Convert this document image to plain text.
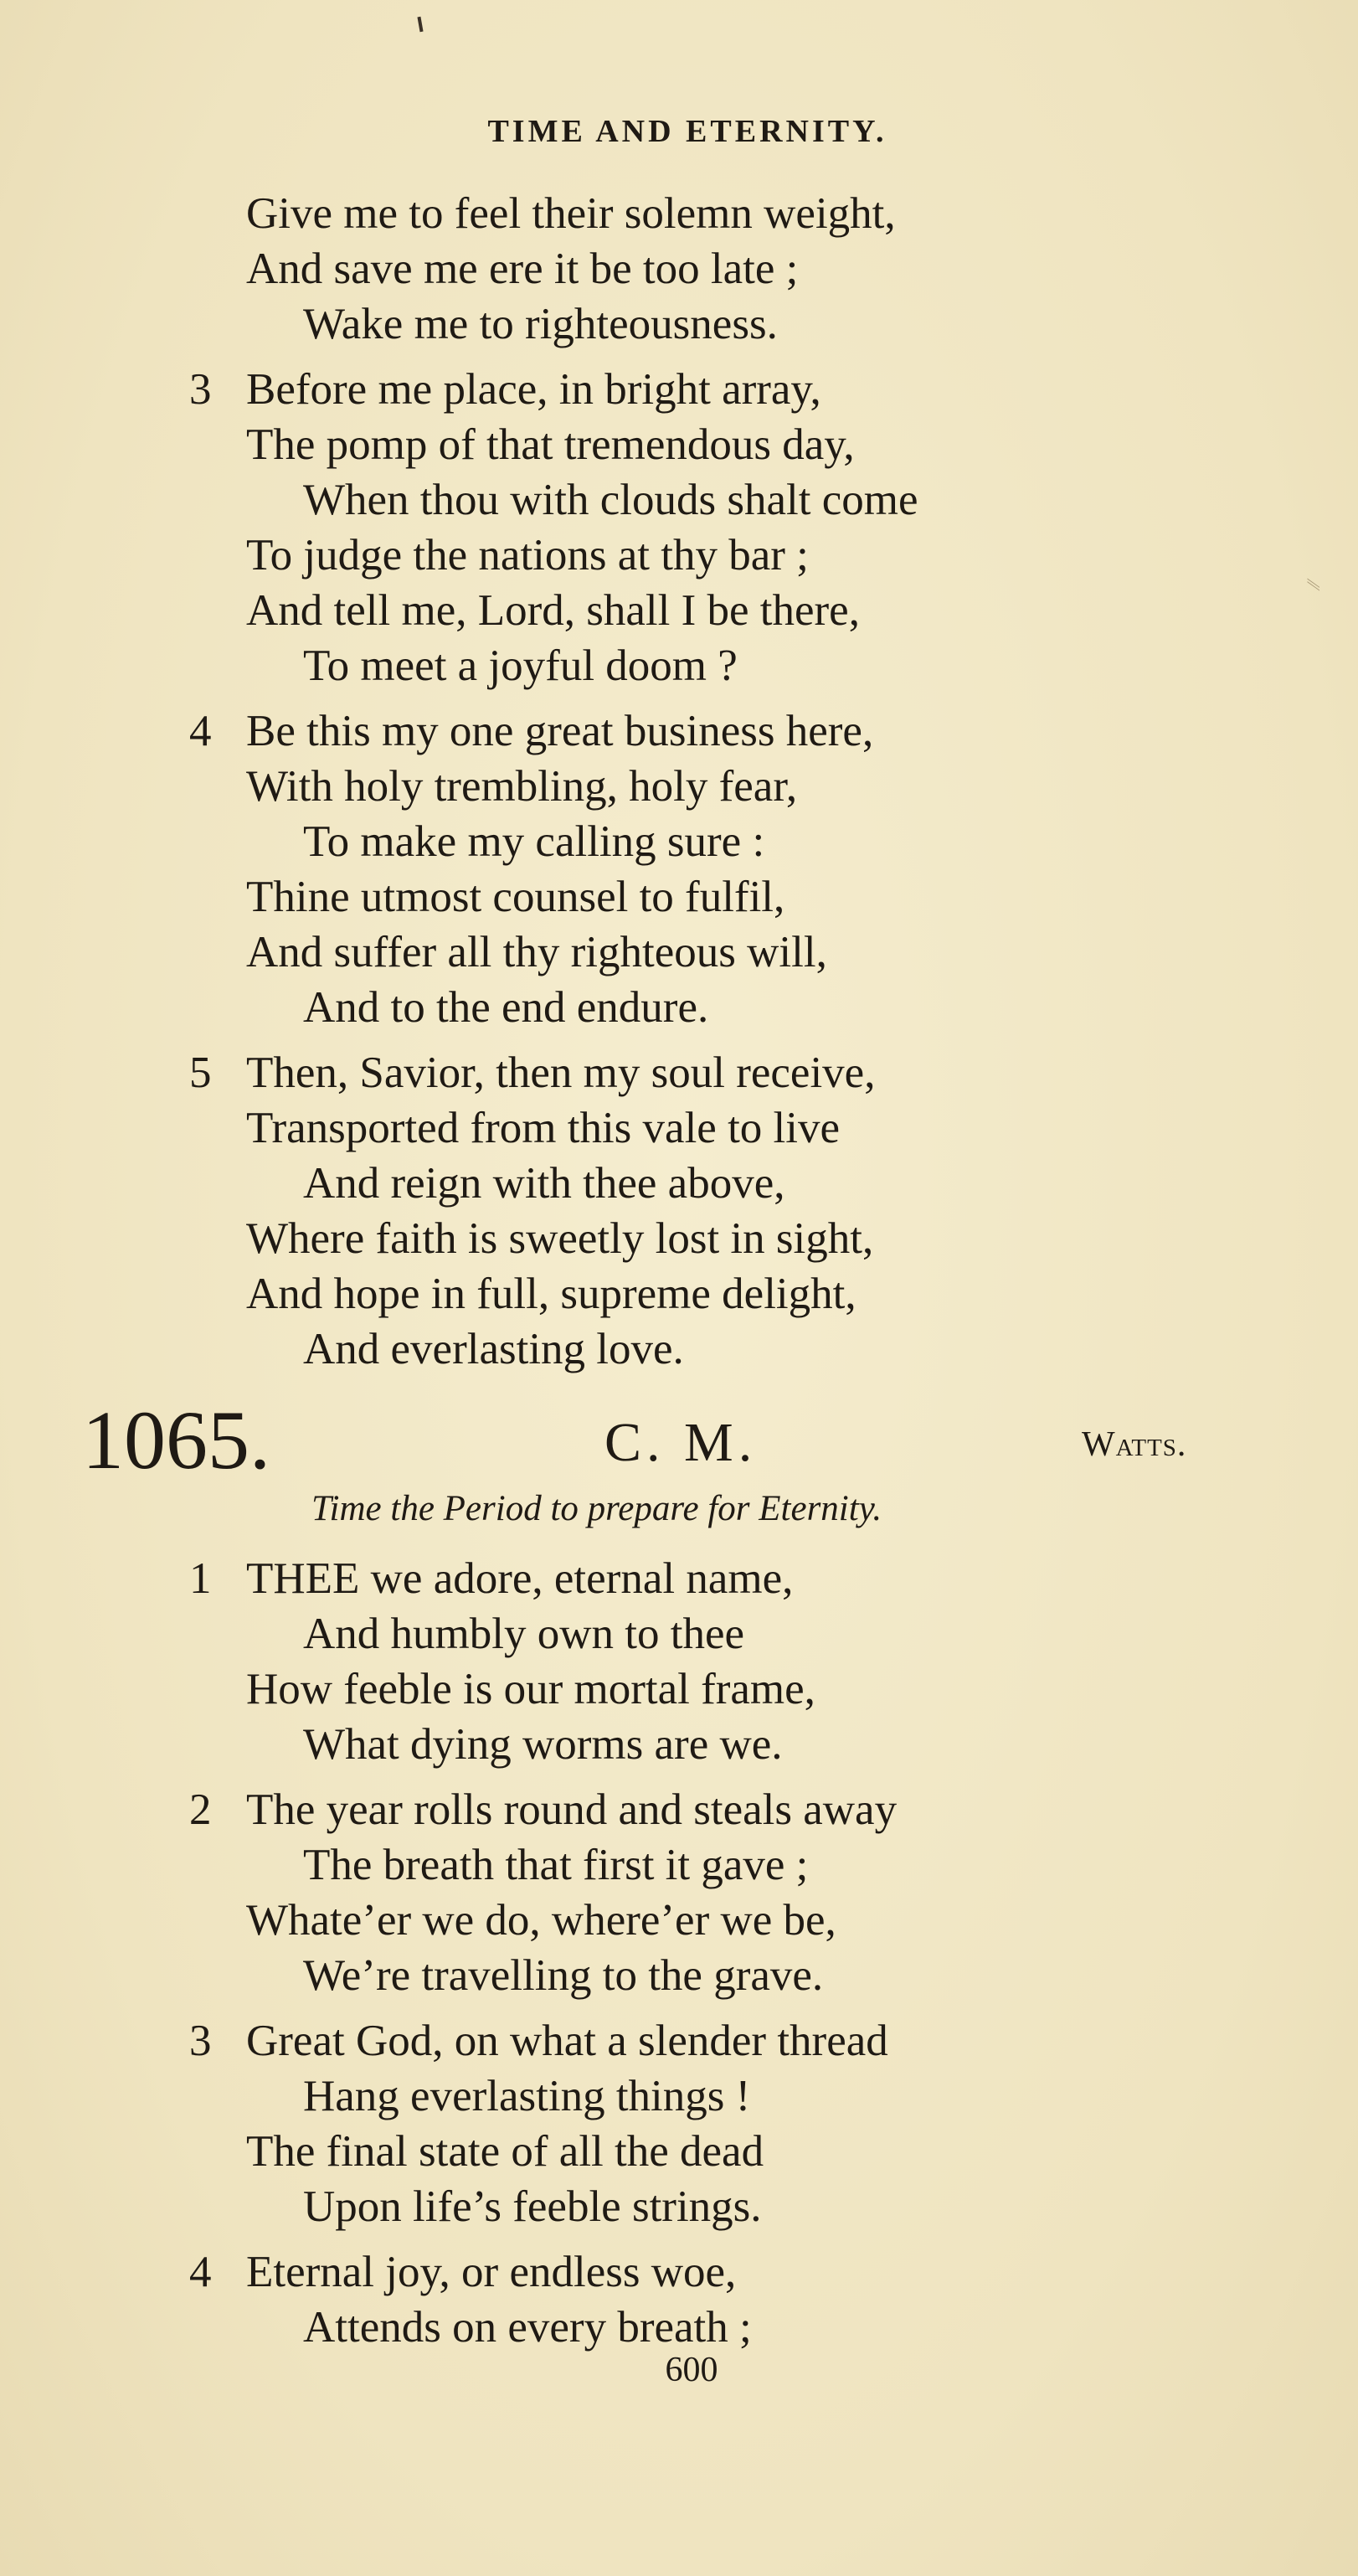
⁄⁄
TIME AND ETERNITY.
Give me to feel their solemn weight,
And save me ere it be too late ;
Wake me to righteousness.
3 Before me place, in bright array,
The pomp of that tremendous day,
When thou with clouds shalt come
To judge the nations at thy bar ;
And tell me, Lord, shall I be there,
To meet a joyful doom ?
4 Be this my one great business here,
With holy trembling, holy fear,
To make my calling sure :
Thine utmost counsel to fulfil,
And suffer all thy righteous will,
And to the end endure.
5 Then, Savior, then my soul receive,
Transported from this vale to live
And reign with thee above,
Where faith is sweetly lost in sight,
And hope in full, supreme delight,
And everlasting love.
1065.	C. M.	Watts.
Time the Period to prepare for Eternity.
1 THEE we adore, eternal name,
And humbly own to thee
How feeble is our mortal frame,
What dying worms are we.
2 The year rolls round and steals away
The breath that first it gave ;
Whate’er we do, where’er we be,
We’re travelling to the grave.
3 Great God, on what a slender thread
Hang everlasting things !
The final state of all the dead
Upon life’s feeble strings.
4 Eternal joy, or endless woe,
Attends on every breath ;
600
